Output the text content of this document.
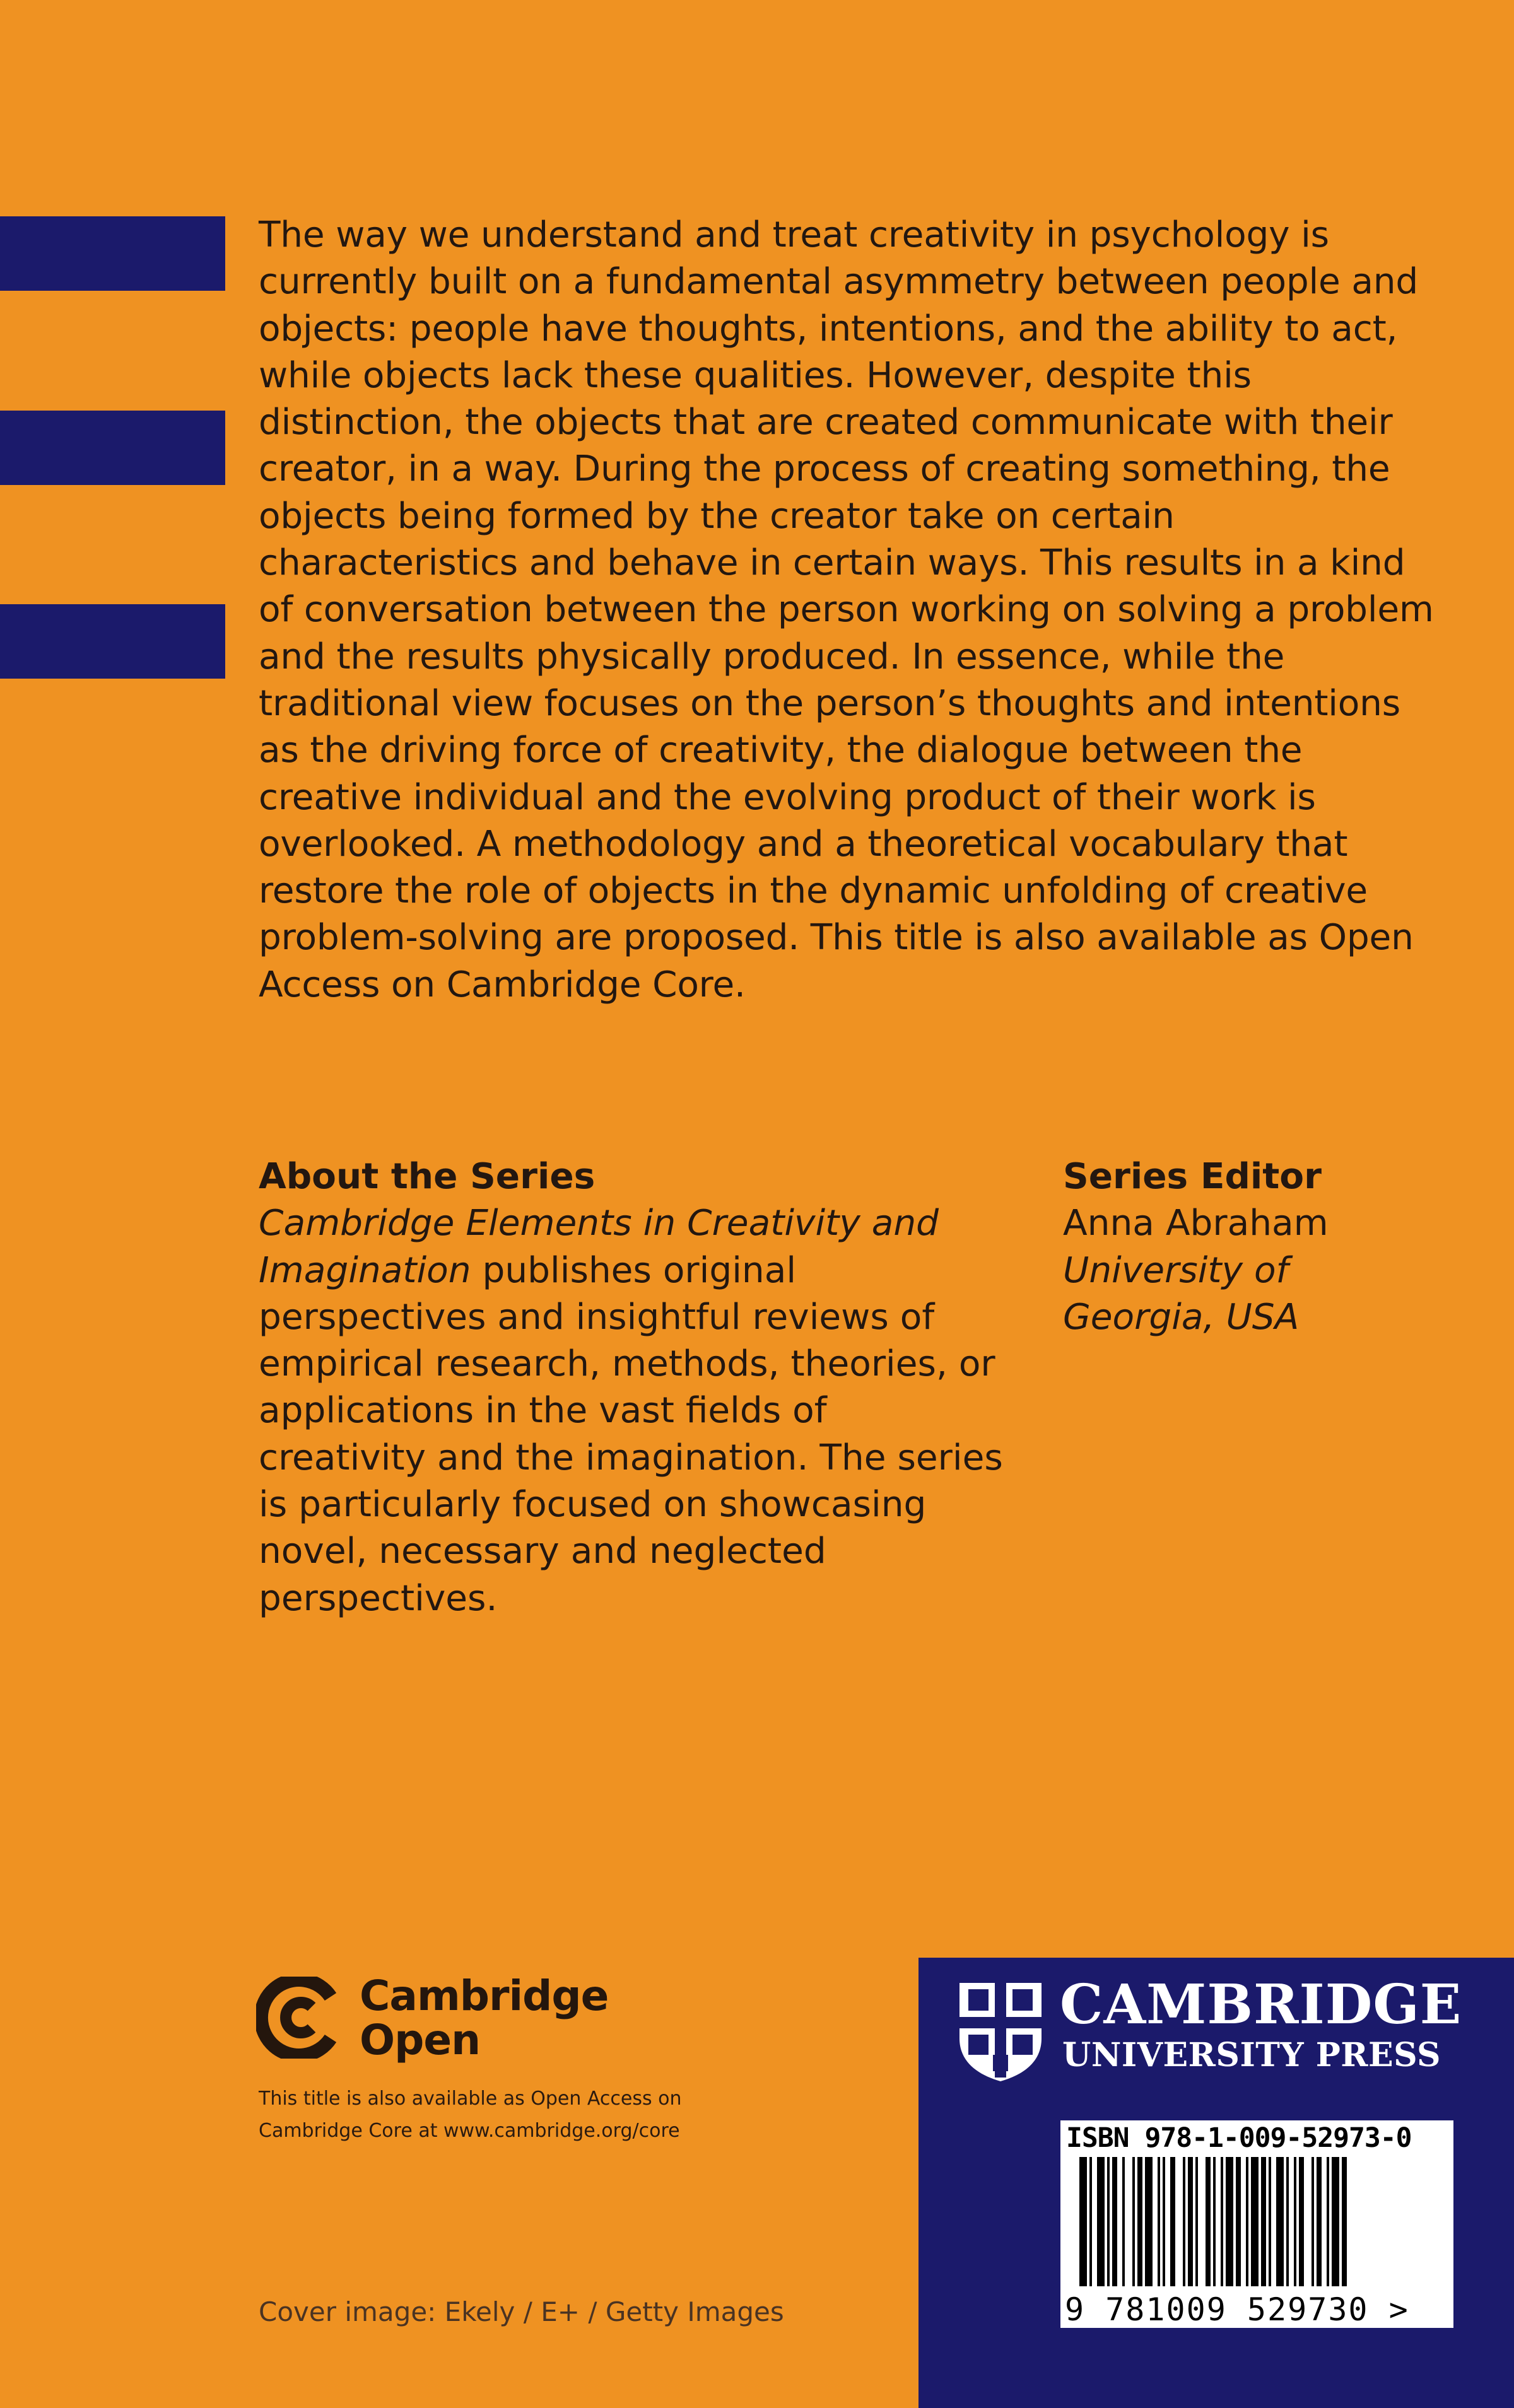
The way we understand and treat creativity in psychology is currently built on a fundamental asymmetry between people and objects: people have thoughts, intentions, and the ability to act, while objects lack these qualities. However, despite this distinction, the objects that are created communicate with their creator, in a way. During the process of creating something, the objects being formed by the creator take on certain characteristics and behave in certain ways. This results in a kind of conversation between the person working on solving a problem and the results physically produced. In essence, while the traditional view focuses on the person’s thoughts and intentions as the driving force of creativity, the dialogue between the creative individual and the evolving product of their work is overlooked. A methodology and a theoretical vocabulary that restore the role of objects in the dynamic unfolding of creative problem-solving are proposed. This title is also available as Open Access on Cambridge Core.

About the Series
Cambridge Elements in Creativity and Imagination publishes original perspectives and insightful reviews of empirical research, methods, theories, or applications in the vast fields of creativity and the imagination. The series is particularly focused on showcasing novel, necessary and neglected perspectives.
Series Editor
Anna Abraham
University of Georgia, USA
Cambridge
Open
This title is also available as Open Access on Cambridge Core at www.cambridge.org/core
Cover image: Ekely / E+ / Getty Images
CAMBRIDGE
UNIVERSITY PRESS
ISBN 978-1-009-52973-0
9 781009 529730 >
